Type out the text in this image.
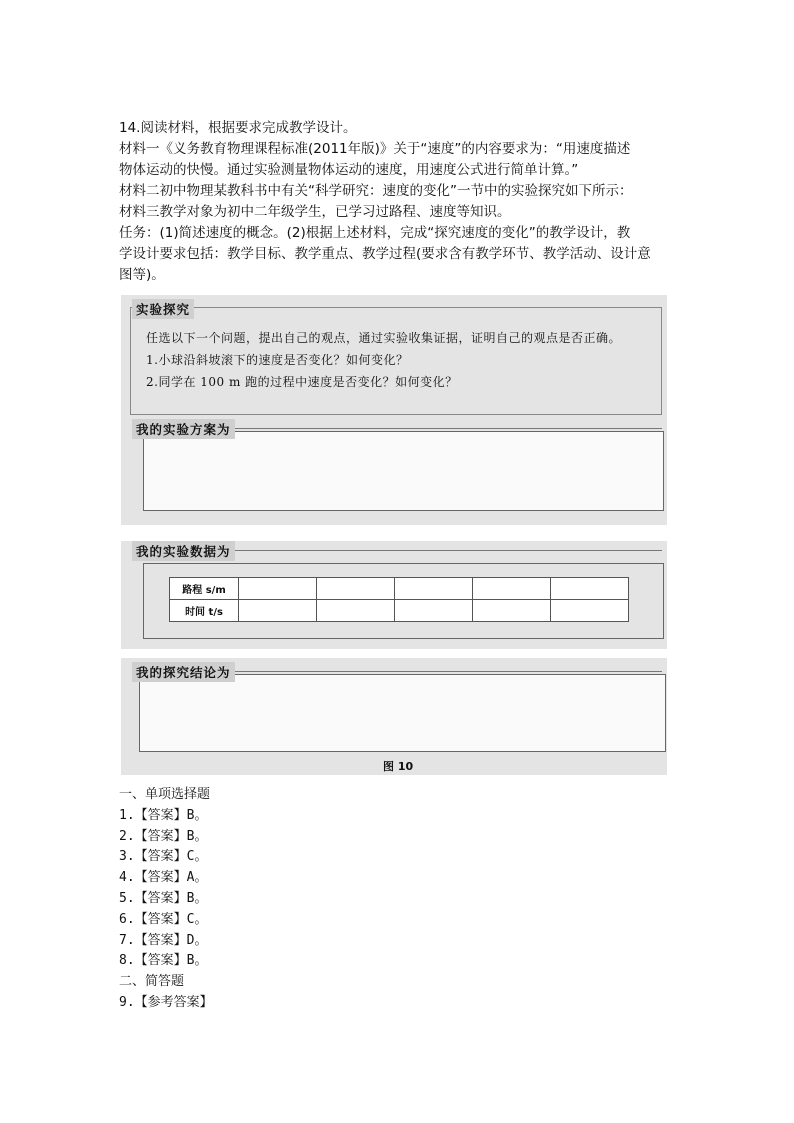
14.阅读材料，根据要求完成教学设计。

材料一《义务教育物理课程标准(2011年版)》关于“速度”的内容要求为：“用速度描述

物体运动的快慢。通过实验测量物体运动的速度，用速度公式进行简单计算。”

材料二初中物理某教科书中有关“科学研究：速度的变化”一节中的实验探究如下所示：

材料三教学对象为初中二年级学生，已学习过路程、速度等知识。

任务：(1)简述速度的概念。(2)根据上述材料，完成“探究速度的变化”的教学设计，教

学设计要求包括：教学目标、教学重点、教学过程(要求含有教学环节、教学活动、设计意

图等)。

实验探究

任选以下一个问题，提出自己的观点，通过实验收集证据，证明自己的观点是否正确。

1.小球沿斜坡滚下的速度是否变化？如何变化？

2.同学在 100 m 跑的过程中速度是否变化？如何变化？

我的实验方案为
我的实验数据为
路程 s/m					
时间 t/s					
我的探究结论为
图 10

一、单项选择题

1.【答案】B。

2.【答案】B。

3.【答案】C。

4.【答案】A。

5.【答案】B。

6.【答案】C。

7.【答案】D。

8.【答案】B。

二、简答题

9.【参考答案】
